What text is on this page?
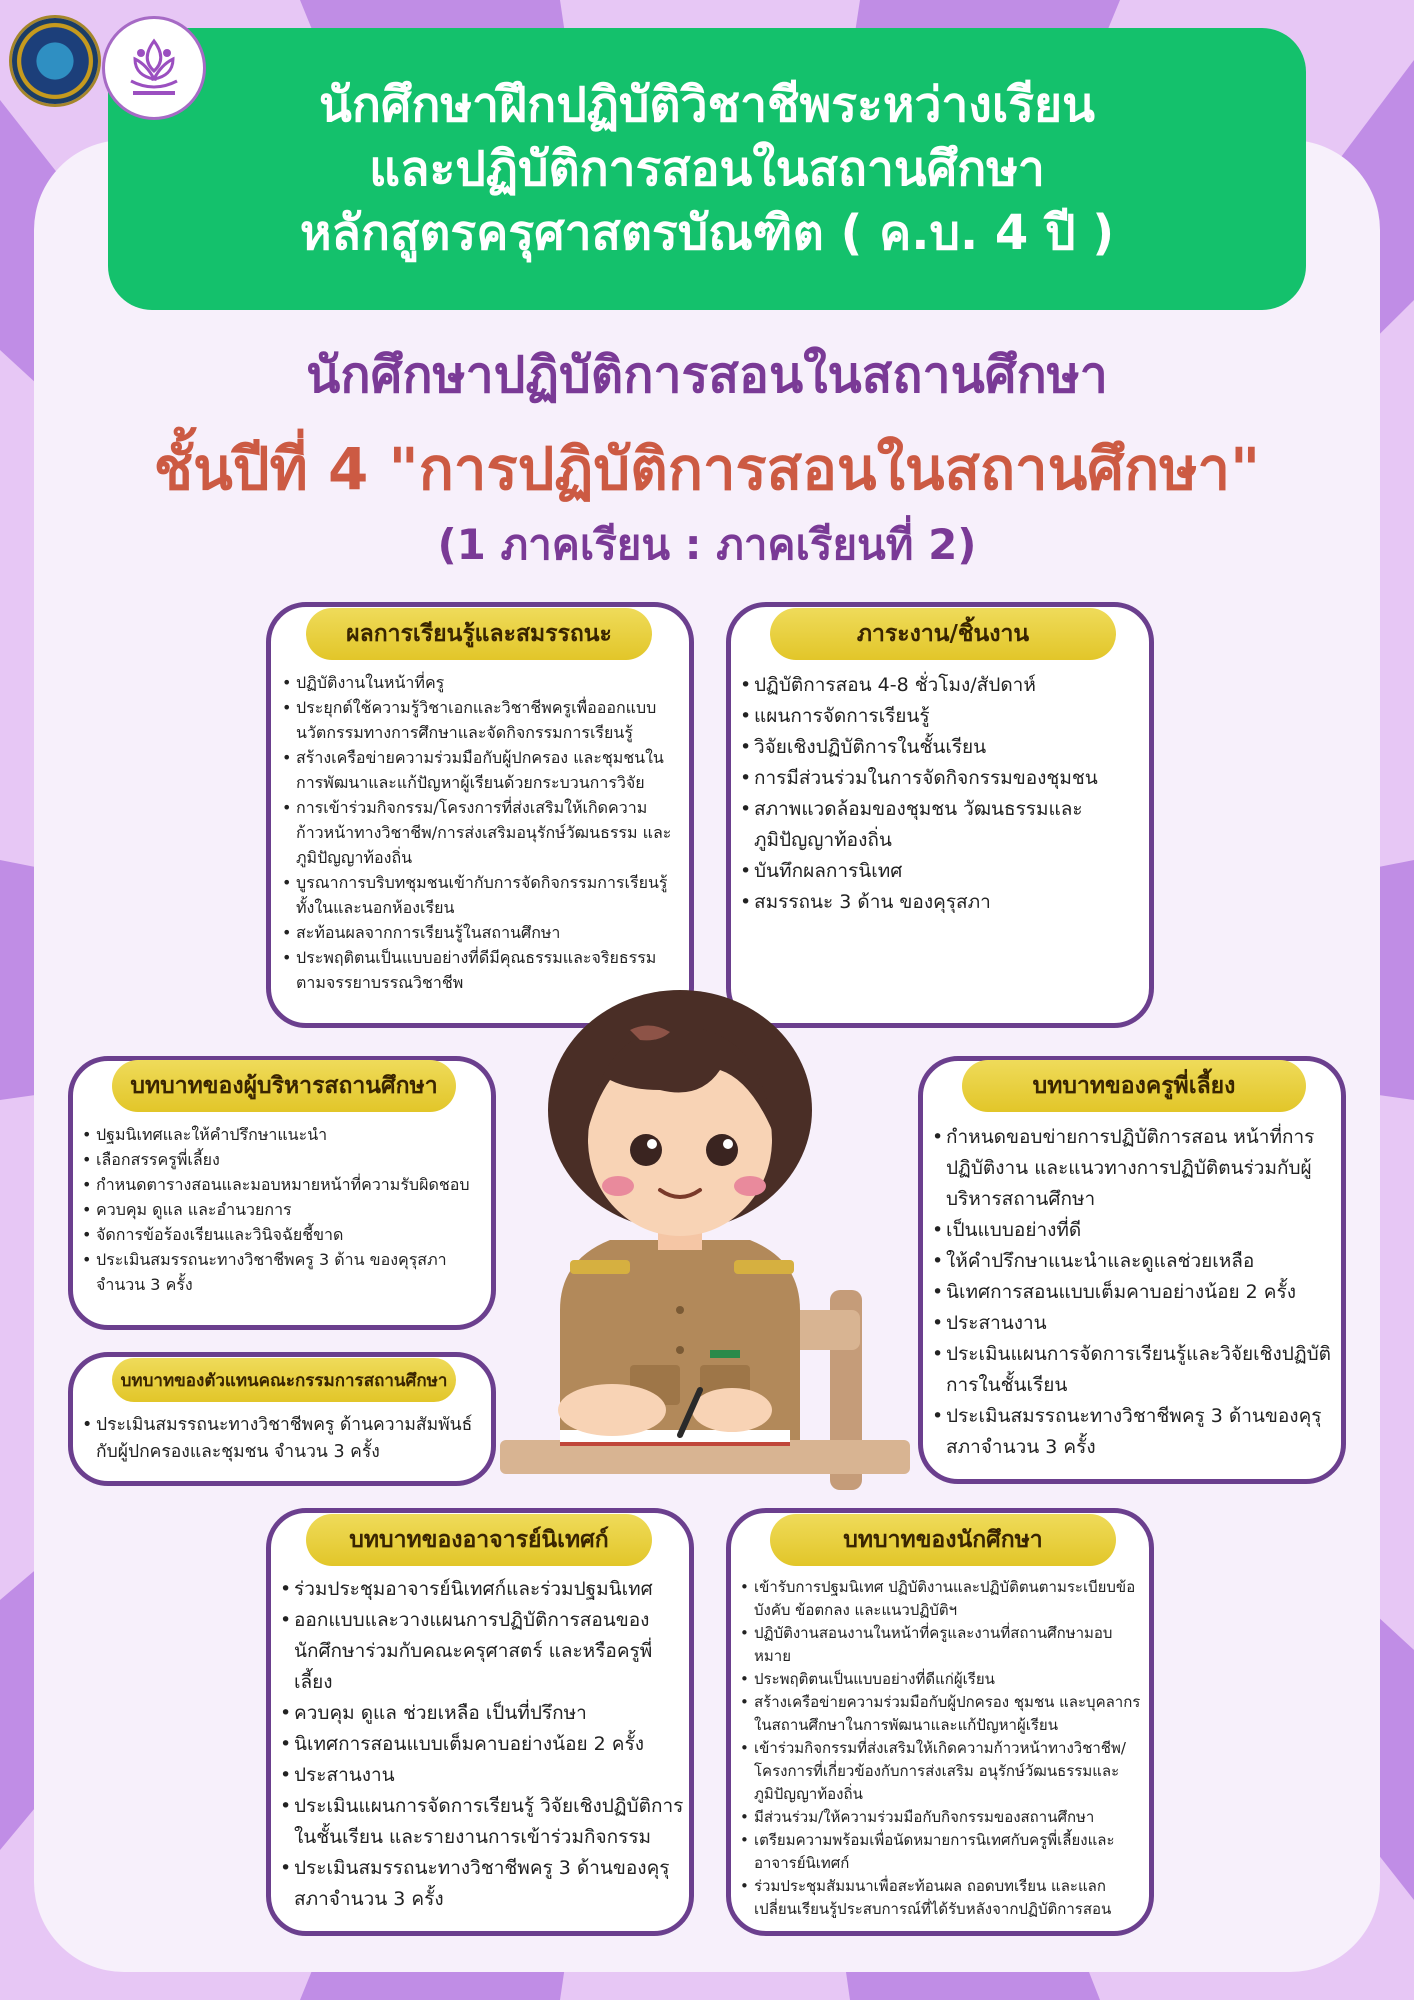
นักศึกษาฝึกปฏิบัติวิชาชีพระหว่างเรียน
และปฏิบัติการสอนในสถานศึกษา
หลักสูตรครุศาสตรบัณฑิต ( ค.บ. 4 ปี )
นักศึกษาปฏิบัติการสอนในสถานศึกษา
ชั้นปีที่ 4 "การปฏิบัติการสอนในสถานศึกษา"
(1 ภาคเรียน : ภาคเรียนที่ 2)
ผลการเรียนรู้และสมรรถนะ
• ปฏิบัติงานในหน้าที่ครู
• ประยุกต์ใช้ความรู้วิชาเอกและวิชาชีพครูเพื่อออกแบบนวัตกรรมทางการศึกษาและจัดกิจกรรมการเรียนรู้
• สร้างเครือข่ายความร่วมมือกับผู้ปกครอง และชุมชนในการพัฒนาและแก้ปัญหาผู้เรียนด้วยกระบวนการวิจัย
• การเข้าร่วมกิจกรรม/โครงการที่ส่งเสริมให้เกิดความก้าวหน้าทางวิชาชีพ/การส่งเสริมอนุรักษ์วัฒนธรรม และภูมิปัญญาท้องถิ่น
• บูรณาการบริบทชุมชนเข้ากับการจัดกิจกรรมการเรียนรู้ ทั้งในและนอกห้องเรียน
• สะท้อนผลจากการเรียนรู้ในสถานศึกษา
• ประพฤติตนเป็นแบบอย่างที่ดีมีคุณธรรมและจริยธรรมตามจรรยาบรรณวิชาชีพ
ภาระงาน/ชิ้นงาน
• ปฏิบัติการสอน 4-8 ชั่วโมง/สัปดาห์
• แผนการจัดการเรียนรู้
• วิจัยเชิงปฏิบัติการในชั้นเรียน
• การมีส่วนร่วมในการจัดกิจกรรมของชุมชน
• สภาพแวดล้อมของชุมชน วัฒนธรรมและภูมิปัญญาท้องถิ่น
• บันทึกผลการนิเทศ
• สมรรถนะ 3 ด้าน ของคุรุสภา
บทบาทของผู้บริหารสถานศึกษา
• ปฐมนิเทศและให้คำปรึกษาแนะนำ
• เลือกสรรครูพี่เลี้ยง
• กำหนดตารางสอนและมอบหมายหน้าที่ความรับผิดชอบ
• ควบคุม ดูแล และอำนวยการ
• จัดการข้อร้องเรียนและวินิจฉัยชี้ขาด
• ประเมินสมรรถนะทางวิชาชีพครู 3 ด้าน ของคุรุสภาจำนวน 3 ครั้ง
บทบาทของตัวแทนคณะกรรมการสถานศึกษา
• ประเมินสมรรถนะทางวิชาชีพครู ด้านความสัมพันธ์กับผู้ปกครองและชุมชน จำนวน 3 ครั้ง
บทบาทของครูพี่เลี้ยง
• กำหนดขอบข่ายการปฏิบัติการสอน หน้าที่การปฏิบัติงาน และแนวทางการปฏิบัติตนร่วมกับผู้บริหารสถานศึกษา
• เป็นแบบอย่างที่ดี
• ให้คำปรึกษาแนะนำและดูแลช่วยเหลือ
• นิเทศการสอนแบบเต็มคาบอย่างน้อย 2 ครั้ง
• ประสานงาน
• ประเมินแผนการจัดการเรียนรู้และวิจัยเชิงปฏิบัติการในชั้นเรียน
• ประเมินสมรรถนะทางวิชาชีพครู 3 ด้านของคุรุสภาจำนวน 3 ครั้ง
บทบาทของอาจารย์นิเทศก์
• ร่วมประชุมอาจารย์นิเทศก์และร่วมปฐมนิเทศ
• ออกแบบและวางแผนการปฏิบัติการสอนของนักศึกษาร่วมกับคณะครุศาสตร์ และหรือครูพี่เลี้ยง
• ควบคุม ดูแล ช่วยเหลือ เป็นที่ปรึกษา
• นิเทศการสอนแบบเต็มคาบอย่างน้อย 2 ครั้ง
• ประสานงาน
• ประเมินแผนการจัดการเรียนรู้ วิจัยเชิงปฏิบัติการในชั้นเรียน และรายงานการเข้าร่วมกิจกรรม
• ประเมินสมรรถนะทางวิชาชีพครู 3 ด้านของคุรุสภาจำนวน 3 ครั้ง
บทบาทของนักศึกษา
• เข้ารับการปฐมนิเทศ ปฏิบัติงานและปฏิบัติตนตามระเบียบข้อบังคับ ข้อตกลง และแนวปฏิบัติฯ
• ปฏิบัติงานสอนงานในหน้าที่ครูและงานที่สถานศึกษามอบหมาย
• ประพฤติตนเป็นแบบอย่างที่ดีแก่ผู้เรียน
• สร้างเครือข่ายความร่วมมือกับผู้ปกครอง ชุมชน และบุคลากรในสถานศึกษาในการพัฒนาและแก้ปัญหาผู้เรียน
• เข้าร่วมกิจกรรมที่ส่งเสริมให้เกิดความก้าวหน้าทางวิชาชีพ/โครงการที่เกี่ยวข้องกับการส่งเสริม อนุรักษ์วัฒนธรรมและภูมิปัญญาท้องถิ่น
• มีส่วนร่วม/ให้ความร่วมมือกับกิจกรรมของสถานศึกษา
• เตรียมความพร้อมเพื่อนัดหมายการนิเทศกับครูพี่เลี้ยงและอาจารย์นิเทศก์
• ร่วมประชุมสัมมนาเพื่อสะท้อนผล ถอดบทเรียน และแลกเปลี่ยนเรียนรู้ประสบการณ์ที่ได้รับหลังจากปฏิบัติการสอน
